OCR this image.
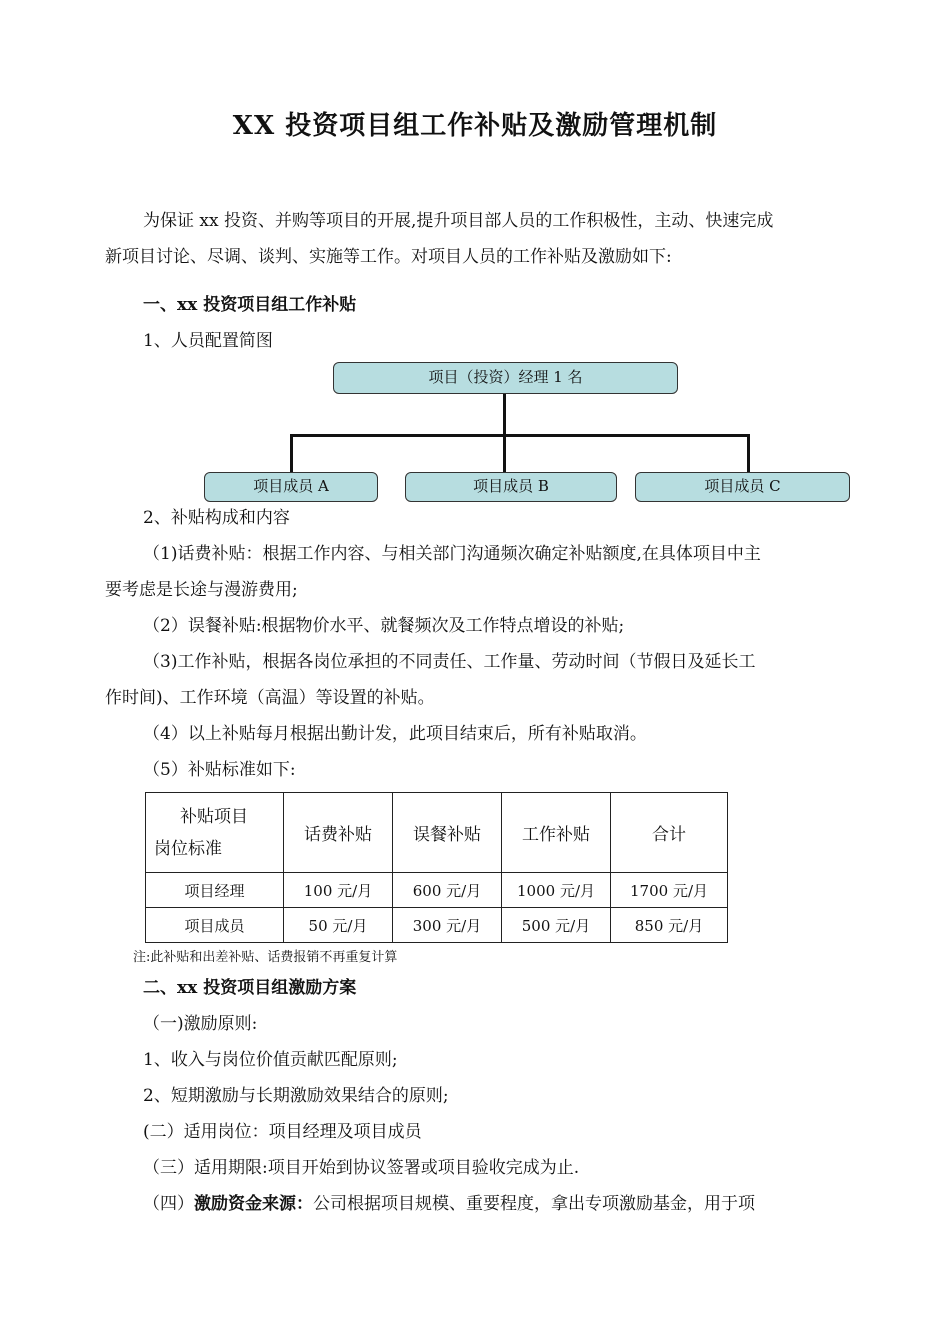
XX 投资项目组工作补贴及激励管理机制
为保证 xx 投资、并购等项目的开展,提升项目部人员的工作积极性，主动、快速完成
新项目讨论、尽调、谈判、实施等工作。对项目人员的工作补贴及激励如下:
一、xx 投资项目组工作补贴
1、人员配置简图
项目（投资）经理 1 名
项目成员 A	项目成员 B	项目成员 C
2、补贴构成和内容
（1)话费补贴：根据工作内容、与相关部门沟通频次确定补贴额度,在具体项目中主
要考虑是长途与漫游费用;
（2）误餐补贴:根据物价水平、就餐频次及工作特点增设的补贴;
（3)工作补贴，根据各岗位承担的不同责任、工作量、劳动时间（节假日及延长工
作时间)、工作环境（高温）等设置的补贴。
（4）以上补贴每月根据出勤计发，此项目结束后，所有补贴取消。
（5）补贴标准如下:
补贴项目
岗位标准	话费补贴	误餐补贴	工作补贴	合计
项目经理	100 元/月	600 元/月	1000 元/月	1700 元/月
项目成员	50 元/月	300 元/月	500 元/月	850 元/月
注:此补贴和出差补贴、话费报销不再重复计算
二、xx 投资项目组激励方案
（一)激励原则:
1、收入与岗位价值贡献匹配原则;
2、短期激励与长期激励效果结合的原则;
(二）适用岗位：项目经理及项目成员
（三）适用期限:项目开始到协议签署或项目验收完成为止.
（四）激励资金来源：公司根据项目规模、重要程度，拿出专项激励基金，用于项
